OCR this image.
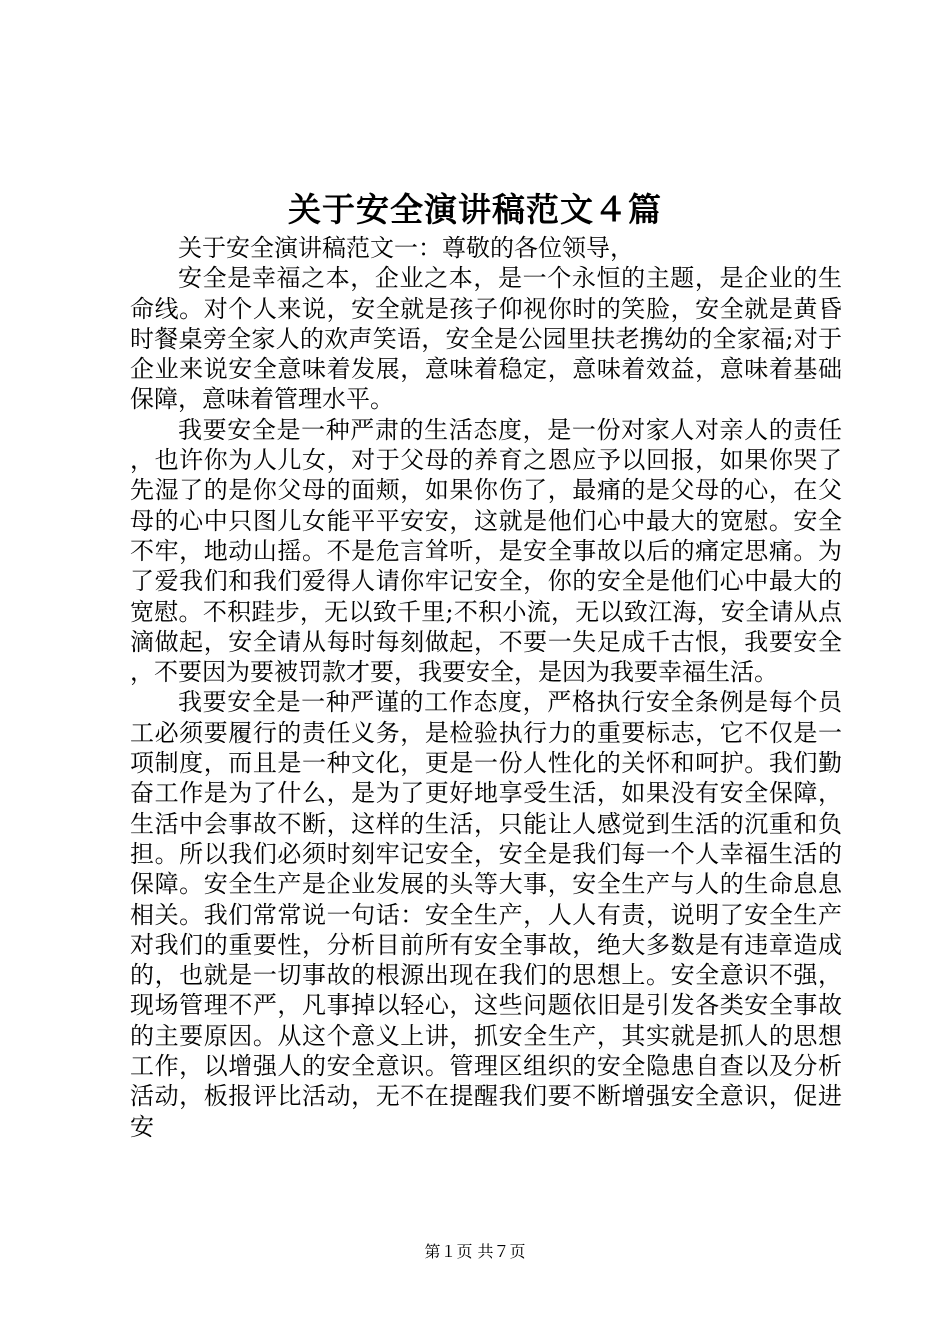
关于安全演讲稿范文４篇

关于安全演讲稿范文一：尊敬的各位领导，

安全是幸福之本，企业之本，是一个永恒的主题，是企业的生命线。对个人来说，安全就是孩子仰视你时的笑脸，安全就是黄昏时餐桌旁全家人的欢声笑语，安全是公园里扶老携幼的全家福;对于企业来说安全意味着发展，意味着稳定，意味着效益，意味着基础保障，意味着管理水平。

我要安全是一种严肃的生活态度，是一份对家人对亲人的责任，也许你为人儿女，对于父母的养育之恩应予以回报，如果你哭了先湿了的是你父母的面颊，如果你伤了，最痛的是父母的心，在父母的心中只图儿女能平平安安，这就是他们心中最大的宽慰。安全不牢，地动山摇。不是危言耸听，是安全事故以后的痛定思痛。为了爱我们和我们爱得人请你牢记安全，你的安全是他们心中最大的宽慰。不积跬步，无以致千里;不积小流，无以致江海，安全请从点滴做起，安全请从每时每刻做起，不要一失足成千古恨，我要安全，不要因为要被罚款才要，我要安全，是因为我要幸福生活。

我要安全是一种严谨的工作态度，严格执行安全条例是每个员工必须要履行的责任义务，是检验执行力的重要标志，它不仅是一项制度，而且是一种文化，更是一份人性化的关怀和呵护。我们勤奋工作是为了什么，是为了更好地享受生活，如果没有安全保障，生活中会事故不断，这样的生活，只能让人感觉到生活的沉重和负担。所以我们必须时刻牢记安全，安全是我们每一个人幸福生活的保障。安全生产是企业发展的头等大事，安全生产与人的生命息息相关。我们常常说一句话：安全生产，人人有责，说明了安全生产对我们的重要性，分析目前所有安全事故，绝大多数是有违章造成的，也就是一切事故的根源出现在我们的思想上。安全意识不强，现场管理不严，凡事掉以轻心，这些问题依旧是引发各类安全事故的主要原因。从这个意义上讲，抓安全生产，其实就是抓人的思想工作，以增强人的安全意识。管理区组织的安全隐患自查以及分析活动，板报评比活动，无不在提醒我们要不断增强安全意识，促进安

第１页 共７页
